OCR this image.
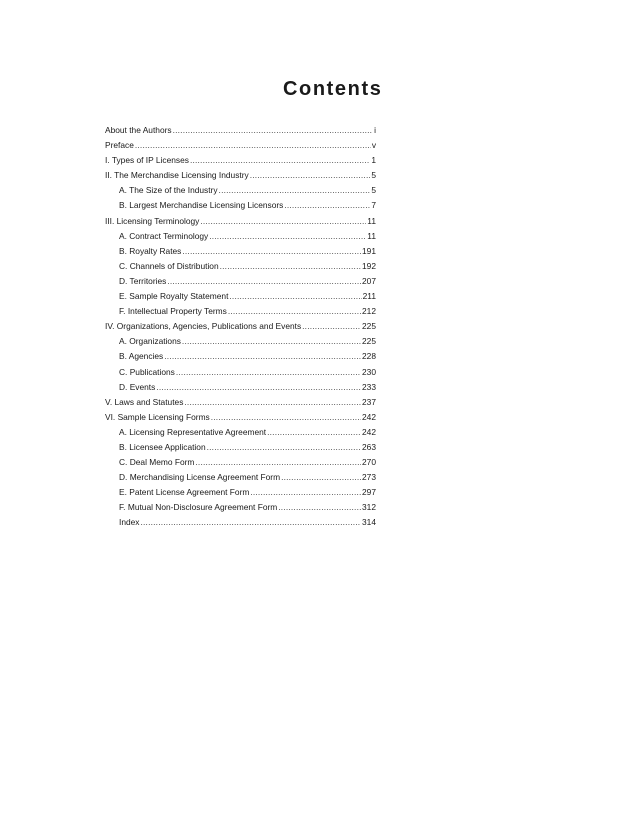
Contents
About the Authors .....	i
Preface .....	v
I. Types of IP Licenses .....	1
II. The Merchandise Licensing Industry .....	5
A. The Size of the Industry .....	5
B. Largest Merchandise Licensing Licensors .....	7
III. Licensing Terminology .....	11
A. Contract Terminology .....	11
B. Royalty Rates .....	191
C. Channels of Distribution .....	192
D. Territories .....	207
E. Sample Royalty Statement .....	211
F. Intellectual Property Terms .....	212
IV. Organizations, Agencies, Publications and Events .....	225
A. Organizations .....	225
B. Agencies .....	228
C. Publications .....	230
D. Events .....	233
V. Laws and Statutes .....	237
VI. Sample Licensing Forms .....	242
A. Licensing Representative Agreement .....	242
B. Licensee Application .....	263
C. Deal Memo Form .....	270
D. Merchandising License Agreement Form .....	273
E. Patent License Agreement Form .....	297
F. Mutual Non-Disclosure Agreement Form .....	312
Index .....	314
